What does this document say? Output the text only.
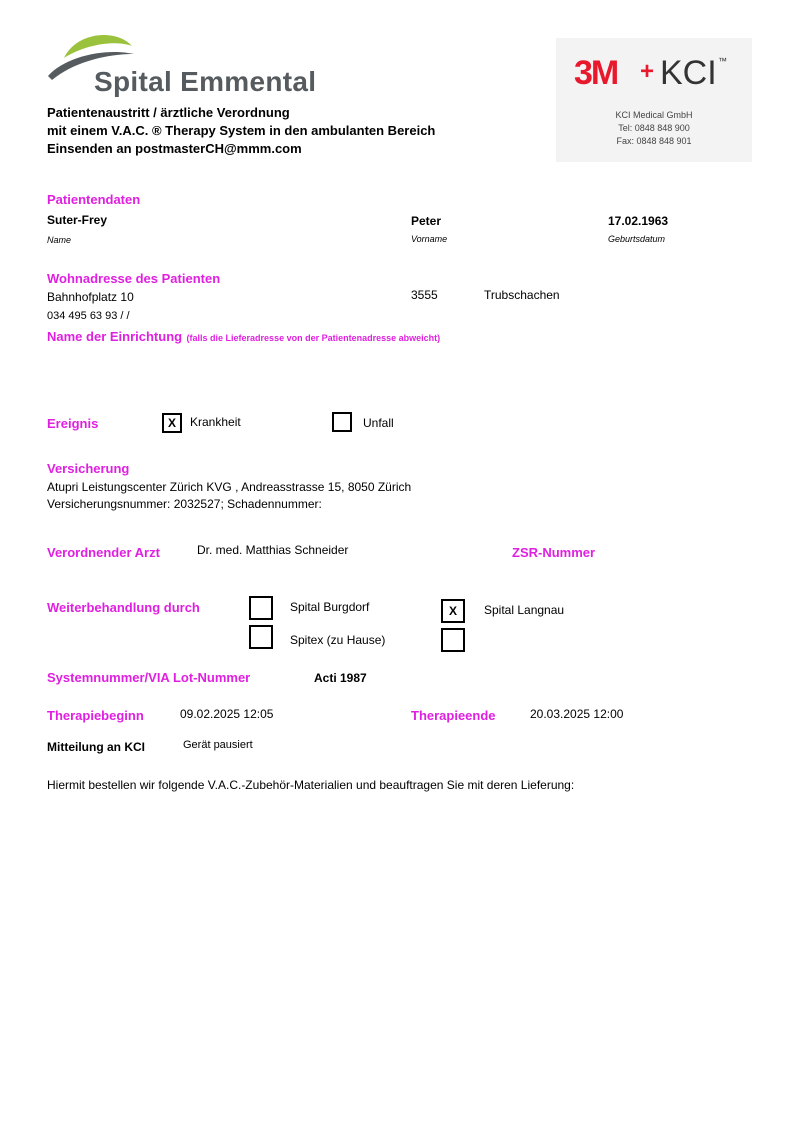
Spital Emmental
Patientenaustritt / ärztliche Verordnung
mit einem V.A.C. ® Therapy System in den ambulanten Bereich
Einsenden an postmasterCH@mmm.com
3M + KCI ™
KCI Medical GmbH
Tel: 0848 848 900
Fax: 0848 848 901
Patientendaten
Suter-Frey	Peter	17.02.1963
Name	Vorname	Geburtsdatum
Wohnadresse des Patienten
Bahnhofplatz 10	3555	Trubschachen
034 495 63 93 / /
Name der Einrichtung (falls die Lieferadresse von der Patientenadresse abweicht)
Ereignis	X	Krankheit	Unfall
Versicherung
Atupri Leistungscenter Zürich KVG , Andreasstrasse 15, 8050 Zürich
Versicherungsnummer: 2032527; Schadennummer:
Verordnender Arzt	Dr. med. Matthias Schneider	ZSR-Nummer
Weiterbehandlung durch	Spital Burgdorf	X	Spital Langnau
Spitex (zu Hause)
Systemnummer/VIA Lot-Nummer	Acti 1987
Therapiebeginn	09.02.2025 12:05	Therapieende	20.03.2025 12:00
Mitteilung an KCI	Gerät pausiert
Hiermit bestellen wir folgende V.A.C.-Zubehör-Materialien und beauftragen Sie mit deren Lieferung:
